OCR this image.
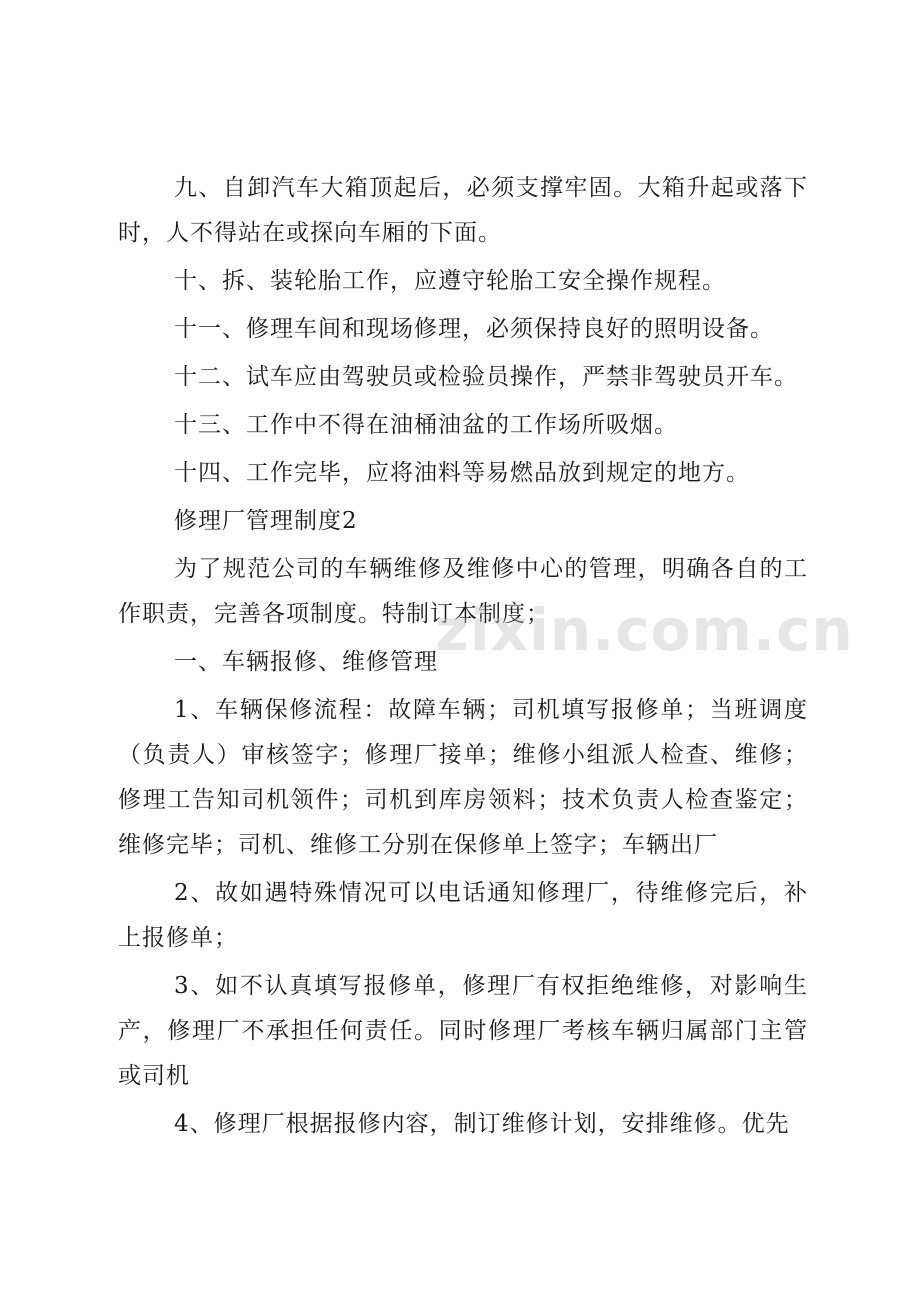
九、自卸汽车大箱顶起后，必须支撑牢固。大箱升起或落下时，人不得站在或探向车厢的下面。

十、拆、装轮胎工作，应遵守轮胎工安全操作规程。

十一、修理车间和现场修理，必须保持良好的照明设备。

十二、试车应由驾驶员或检验员操作，严禁非驾驶员开车。

十三、工作中不得在油桶油盆的工作场所吸烟。

十四、工作完毕，应将油料等易燃品放到规定的地方。

修理厂管理制度2

为了规范公司的车辆维修及维修中心的管理，明确各自的工作职责，完善各项制度。特制订本制度；

一、车辆报修、维修管理

1、车辆保修流程：故障车辆；司机填写报修单；当班调度（负责人）审核签字；修理厂接单；维修小组派人检查、维修；修理工告知司机领件；司机到库房领料；技术负责人检查鉴定；维修完毕；司机、维修工分别在保修单上签字；车辆出厂

2、故如遇特殊情况可以电话通知修理厂，待维修完后，补上报修单；

3、如不认真填写报修单，修理厂有权拒绝维修，对影响生产，修理厂不承担任何责任。同时修理厂考核车辆归属部门主管或司机

4、修理厂根据报修内容，制订维修计划，安排维修。优先

zixin.com.cn
